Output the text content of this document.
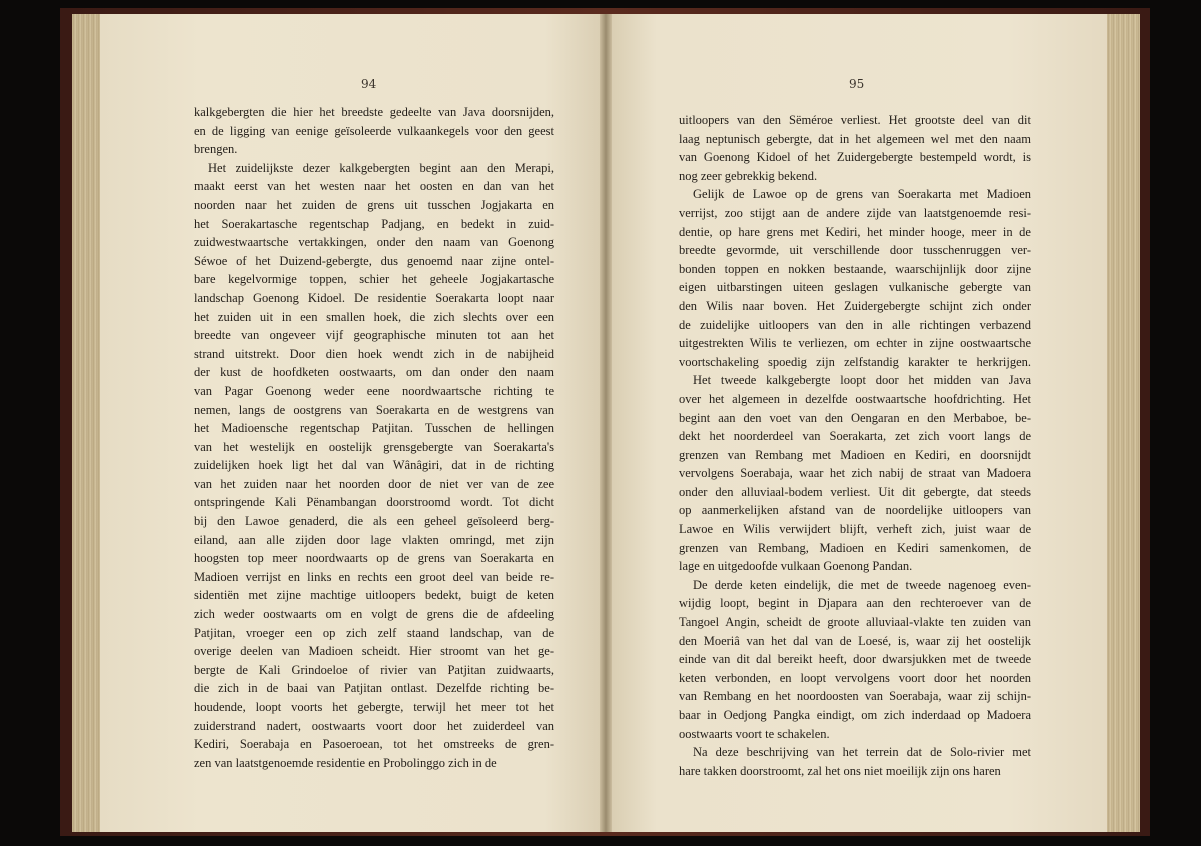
94	95
kalkgebergten die hier het breedste gedeelte van Java doorsnijden,
en de ligging van eenige geïsoleerde vulkaankegels voor den geest
brengen.
Het zuidelijkste dezer kalkgebergten begint aan den Merapi,
maakt eerst van het westen naar het oosten en dan van het
noorden naar het zuiden de grens uit tusschen Jogjakarta en
het Soerakartasche regentschap Padjang, en bedekt in zuid-
zuidwestwaartsche vertakkingen, onder den naam van Goenong
Séwoe of het Duizend-gebergte, dus genoemd naar zijne ontel-
bare kegelvormige toppen, schier het geheele Jogjakartasche
landschap Goenong Kidoel. De residentie Soerakarta loopt naar
het zuiden uit in een smallen hoek, die zich slechts over een
breedte van ongeveer vijf geographische minuten tot aan het
strand uitstrekt. Door dien hoek wendt zich in de nabijheid
der kust de hoofdketen oostwaarts, om dan onder den naam
van Pagar Goenong weder eene noordwaartsche richting te
nemen, langs de oostgrens van Soerakarta en de westgrens van
het Madioensche regentschap Patjitan. Tusschen de hellingen
van het westelijk en oostelijk grensgebergte van Soerakarta's
zuidelijken hoek ligt het dal van Wânâgiri, dat in de richting
van het zuiden naar het noorden door de niet ver van de zee
ontspringende Kali Pënambangan doorstroomd wordt. Tot dicht
bij den Lawoe genaderd, die als een geheel geïsoleerd berg-
eiland, aan alle zijden door lage vlakten omringd, met zijn
hoogsten top meer noordwaarts op de grens van Soerakarta en
Madioen verrijst en links en rechts een groot deel van beide re-
sidentiën met zijne machtige uitloopers bedekt, buigt de keten
zich weder oostwaarts om en volgt de grens die de afdeeling
Patjitan, vroeger een op zich zelf staand landschap, van de
overige deelen van Madioen scheidt. Hier stroomt van het ge-
bergte de Kali Grindoeloe of rivier van Patjitan zuidwaarts,
die zich in de baai van Patjitan ontlast. Dezelfde richting be-
houdende, loopt voorts het gebergte, terwijl het meer tot het
zuiderstrand nadert, oostwaarts voort door het zuiderdeel van
Kediri, Soerabaja en Pasoeroean, tot het omstreeks de gren-
zen van laatstgenoemde residentie en Probolinggo zich in de
uitloopers van den Sëméroe verliest. Het grootste deel van dit
laag neptunisch gebergte, dat in het algemeen wel met den naam
van Goenong Kidoel of het Zuidergebergte bestempeld wordt, is
nog zeer gebrekkig bekend.
Gelijk de Lawoe op de grens van Soerakarta met Madioen
verrijst, zoo stijgt aan de andere zijde van laatstgenoemde resi-
dentie, op hare grens met Kediri, het minder hooge, meer in de
breedte gevormde, uit verschillende door tusschenruggen ver-
bonden toppen en nokken bestaande, waarschijnlijk door zijne
eigen uitbarstingen uiteen geslagen vulkanische gebergte van
den Wilis naar boven. Het Zuidergebergte schijnt zich onder
de zuidelijke uitloopers van den in alle richtingen verbazend
uitgestrekten Wilis te verliezen, om echter in zijne oostwaartsche
voortschakeling spoedig zijn zelfstandig karakter te herkrijgen.
Het tweede kalkgebergte loopt door het midden van Java
over het algemeen in dezelfde oostwaartsche hoofdrichting. Het
begint aan den voet van den Oengaran en den Merbaboe, be-
dekt het noorderdeel van Soerakarta, zet zich voort langs de
grenzen van Rembang met Madioen en Kediri, en doorsnijdt
vervolgens Soerabaja, waar het zich nabij de straat van Madoera
onder den alluviaal-bodem verliest. Uit dit gebergte, dat steeds
op aanmerkelijken afstand van de noordelijke uitloopers van
Lawoe en Wilis verwijdert blijft, verheft zich, juist waar de
grenzen van Rembang, Madioen en Kediri samenkomen, de
lage en uitgedoofde vulkaan Goenong Pandan.
De derde keten eindelijk, die met de tweede nagenoeg even-
wijdig loopt, begint in Djapara aan den rechteroever van de
Tangoel Angin, scheidt de groote alluviaal-vlakte ten zuiden van
den Moeriâ van het dal van de Loesé, is, waar zij het oostelijk
einde van dit dal bereikt heeft, door dwarsjukken met de tweede
keten verbonden, en loopt vervolgens voort door het noorden
van Rembang en het noordoosten van Soerabaja, waar zij schijn-
baar in Oedjong Pangka eindigt, om zich inderdaad op Madoera
oostwaarts voort te schakelen.
Na deze beschrijving van het terrein dat de Solo-rivier met
hare takken doorstroomt, zal het ons niet moeilijk zijn ons haren
